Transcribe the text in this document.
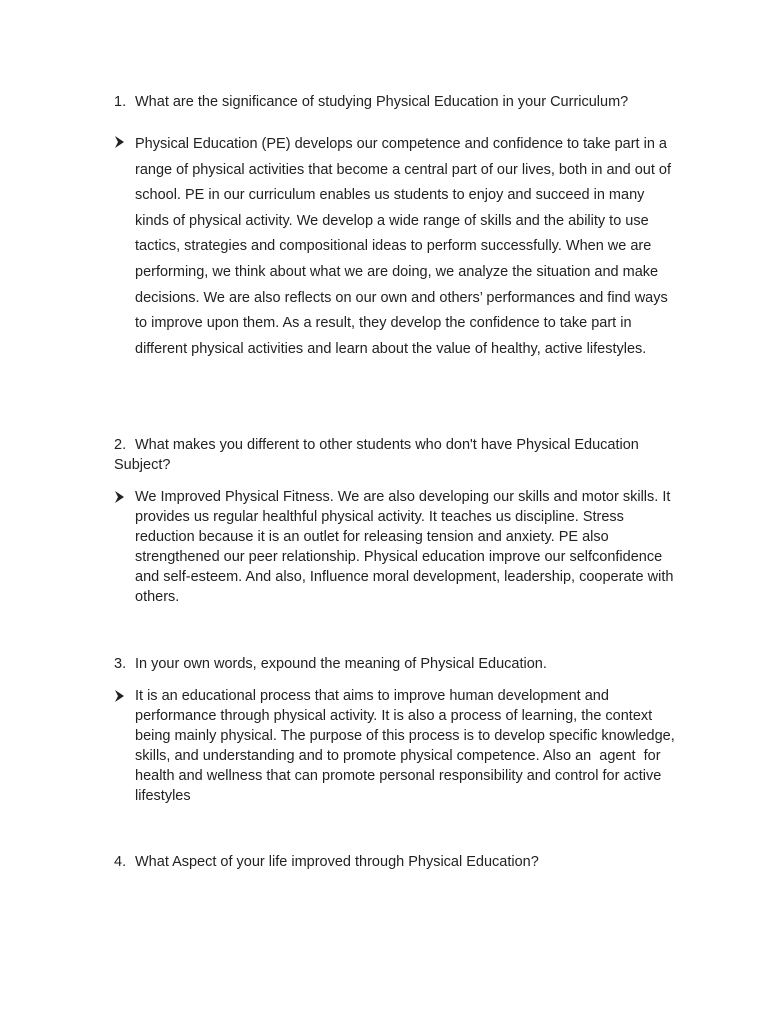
1. What are the significance of studying Physical Education in your Curriculum?

Physical Education (PE) develops our competence and confidence to take part in a range of physical activities that become a central part of our lives, both in and out of school. PE in our curriculum enables us students to enjoy and succeed in many kinds of physical activity. We develop a wide range of skills and the ability to use tactics, strategies and compositional ideas to perform successfully. When we are performing, we think about what we are doing, we analyze the situation and make decisions. We are also reflects on our own and others’ performances and find ways to improve upon them. As a result, they develop the confidence to take part in different physical activities and learn about the value of healthy, active lifestyles.

2. What makes you different to other students who don't have Physical Education Subject?

We Improved Physical Fitness. We are also developing our skills and motor skills. It provides us regular healthful physical activity. It teaches us discipline. Stress reduction because it is an outlet for releasing tension and anxiety. PE also strengthened our peer relationship. Physical education improve our selfconfidence and self-esteem. And also, Influence moral development, leadership, cooperate with others.

3. In your own words, expound the meaning of Physical Education.

It is an educational process that aims to improve human development and performance through physical activity. It is also a process of learning, the context being mainly physical. The purpose of this process is to develop specific knowledge, skills, and understanding and to promote physical competence. Also an  agent  for health and wellness that can promote personal responsibility and control for active lifestyles

4. What Aspect of your life improved through Physical Education?
